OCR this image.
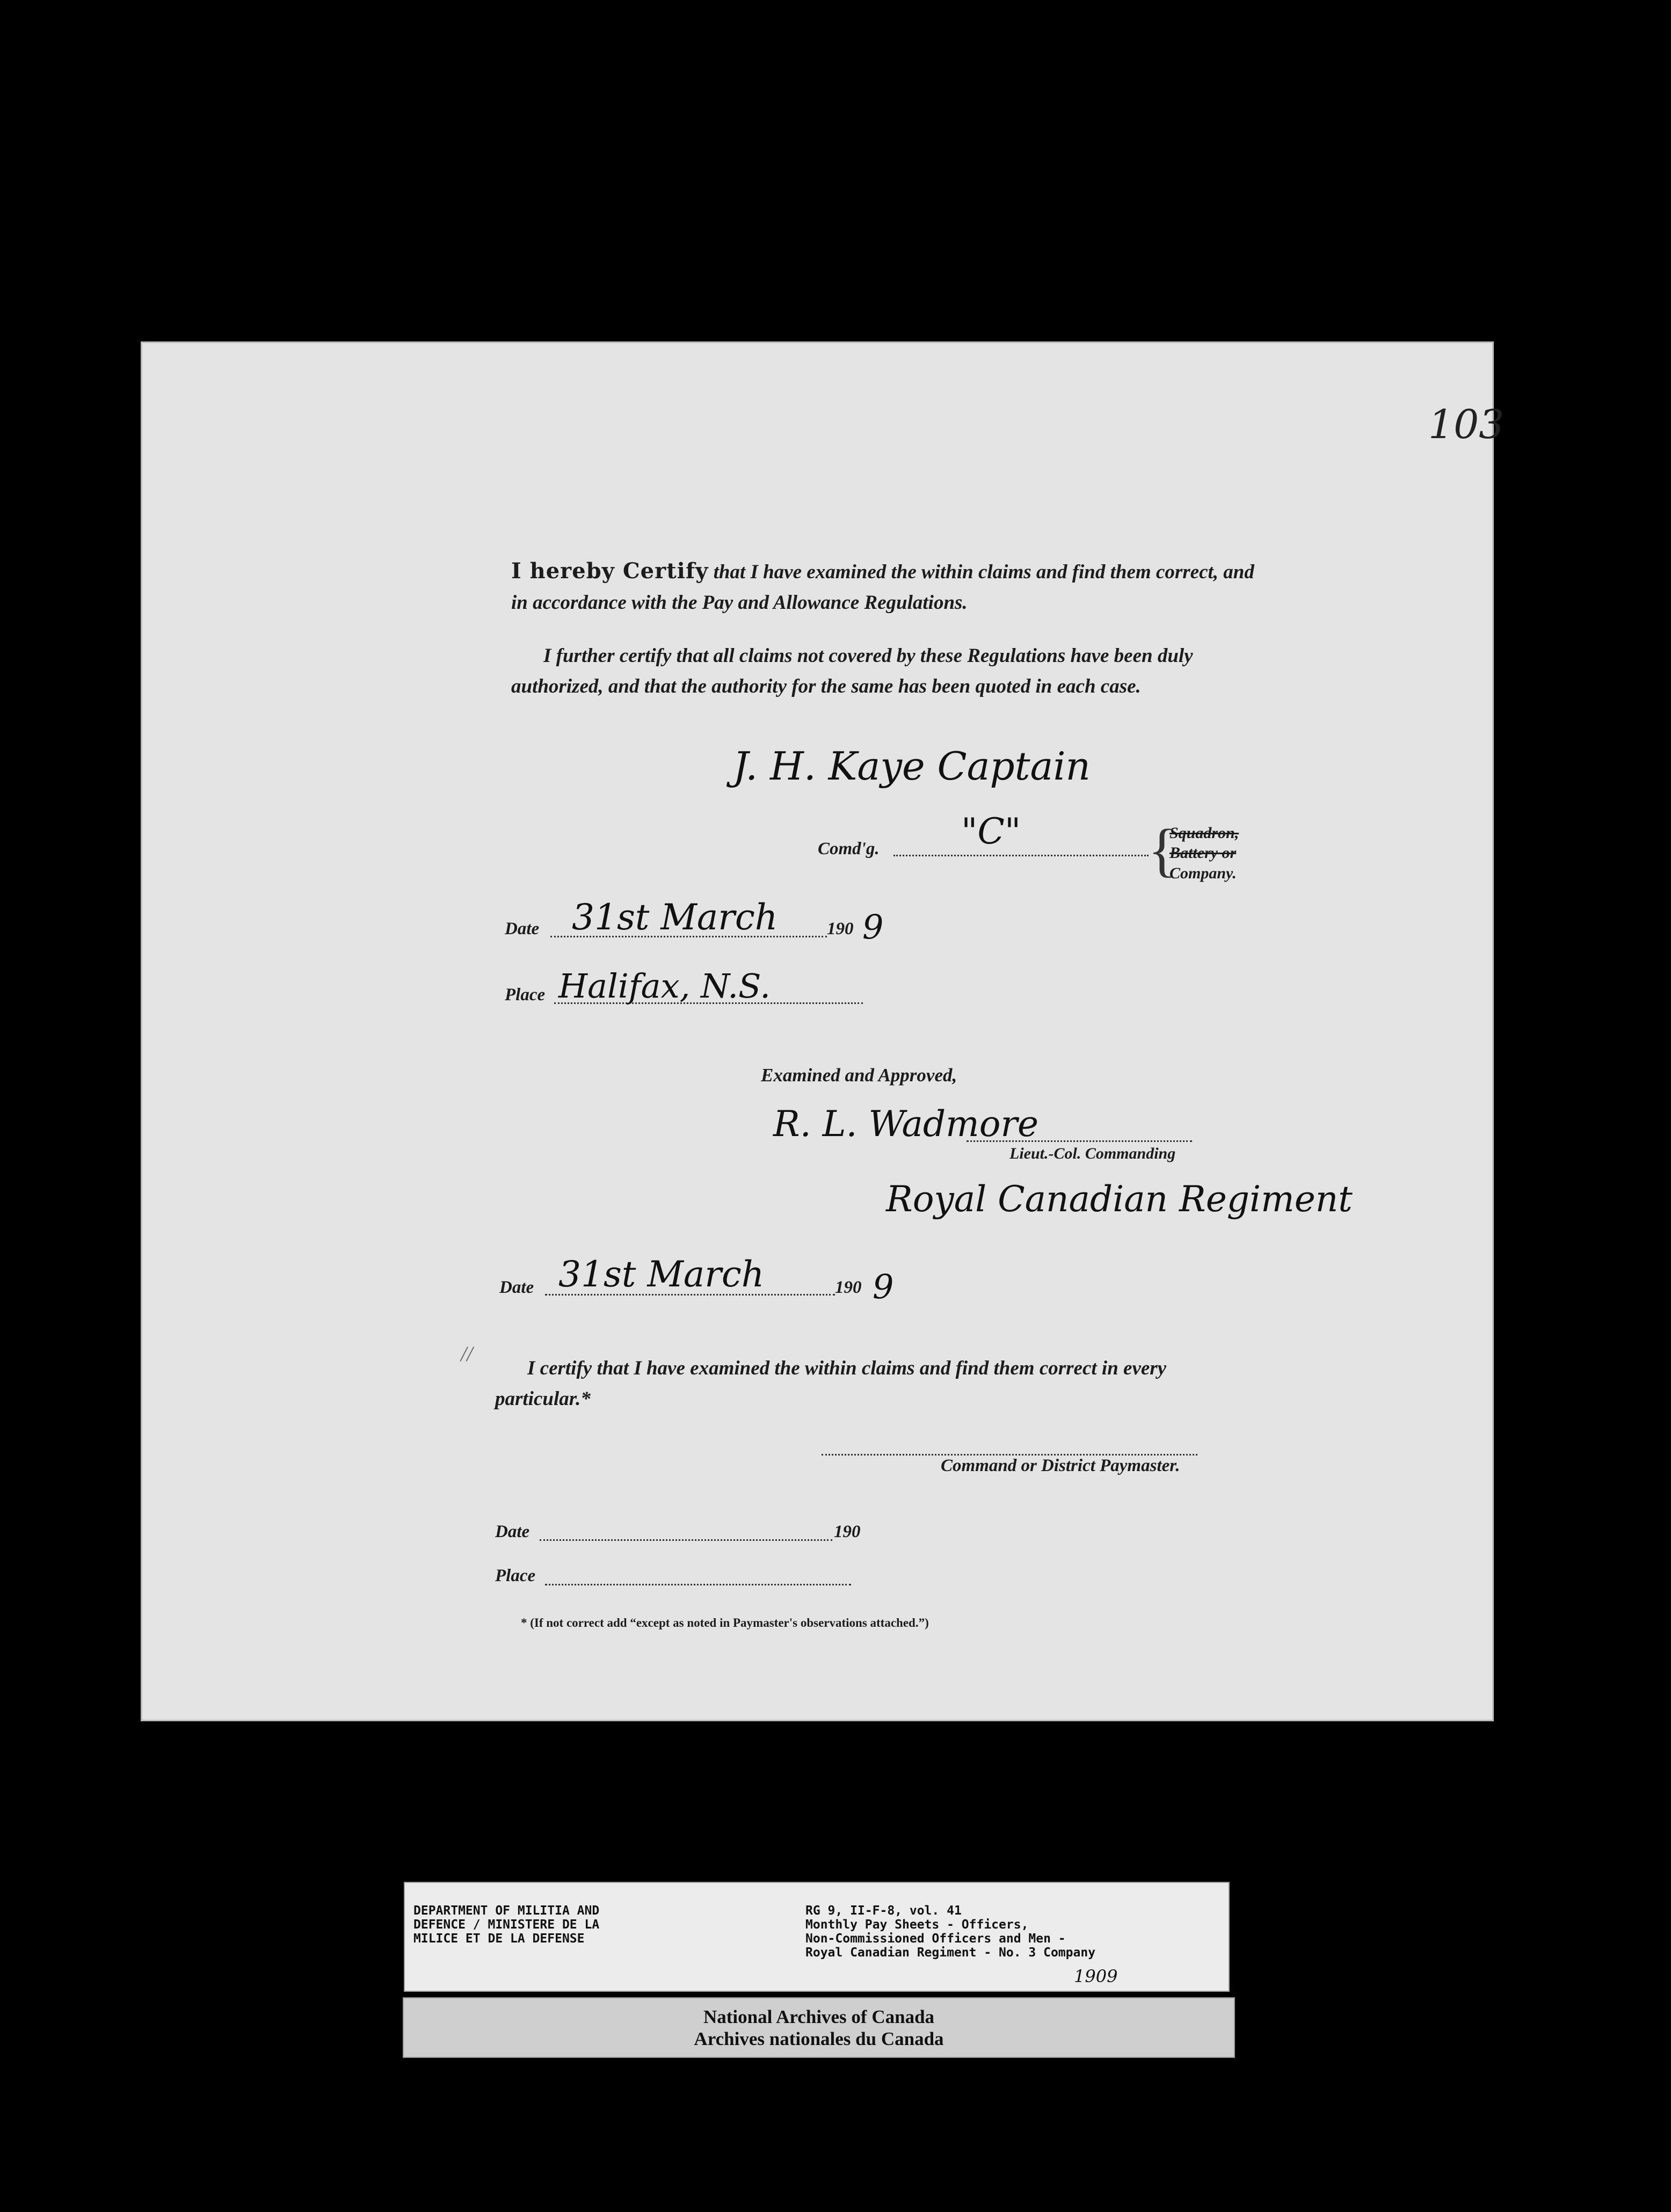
103
I hereby Certify that I have examined the within claims and find them correct, and in accordance with the Pay and Allowance Regulations.
I further certify that all claims not covered by these Regulations have been duly authorized, and that the authority for the same has been quoted in each case.
J. H. Kaye Captain
Comd'g. "C" {
Squadron,
Battery or
Company.
Date 31st March	190 9
Place Halifax, N.S.
Examined and Approved,
R. L. Wadmore
Lieut.-Col. Commanding
Royal Canadian Regiment
Date 31st March	190 9
//
I certify that I have examined the within claims and find them correct in every particular.*
Command or District Paymaster.
Date	190
Place
* (If not correct add “except as noted in Paymaster's observations attached.”)
DEPARTMENT OF MILITIA AND
DEFENCE / MINISTERE DE LA
MILICE ET DE LA DEFENSE
RG 9, II-F-8, vol. 41
Monthly Pay Sheets - Officers,
Non-Commissioned Officers and Men -
Royal Canadian Regiment - No. 3 Company
1909
National Archives of Canada
Archives nationales du Canada
